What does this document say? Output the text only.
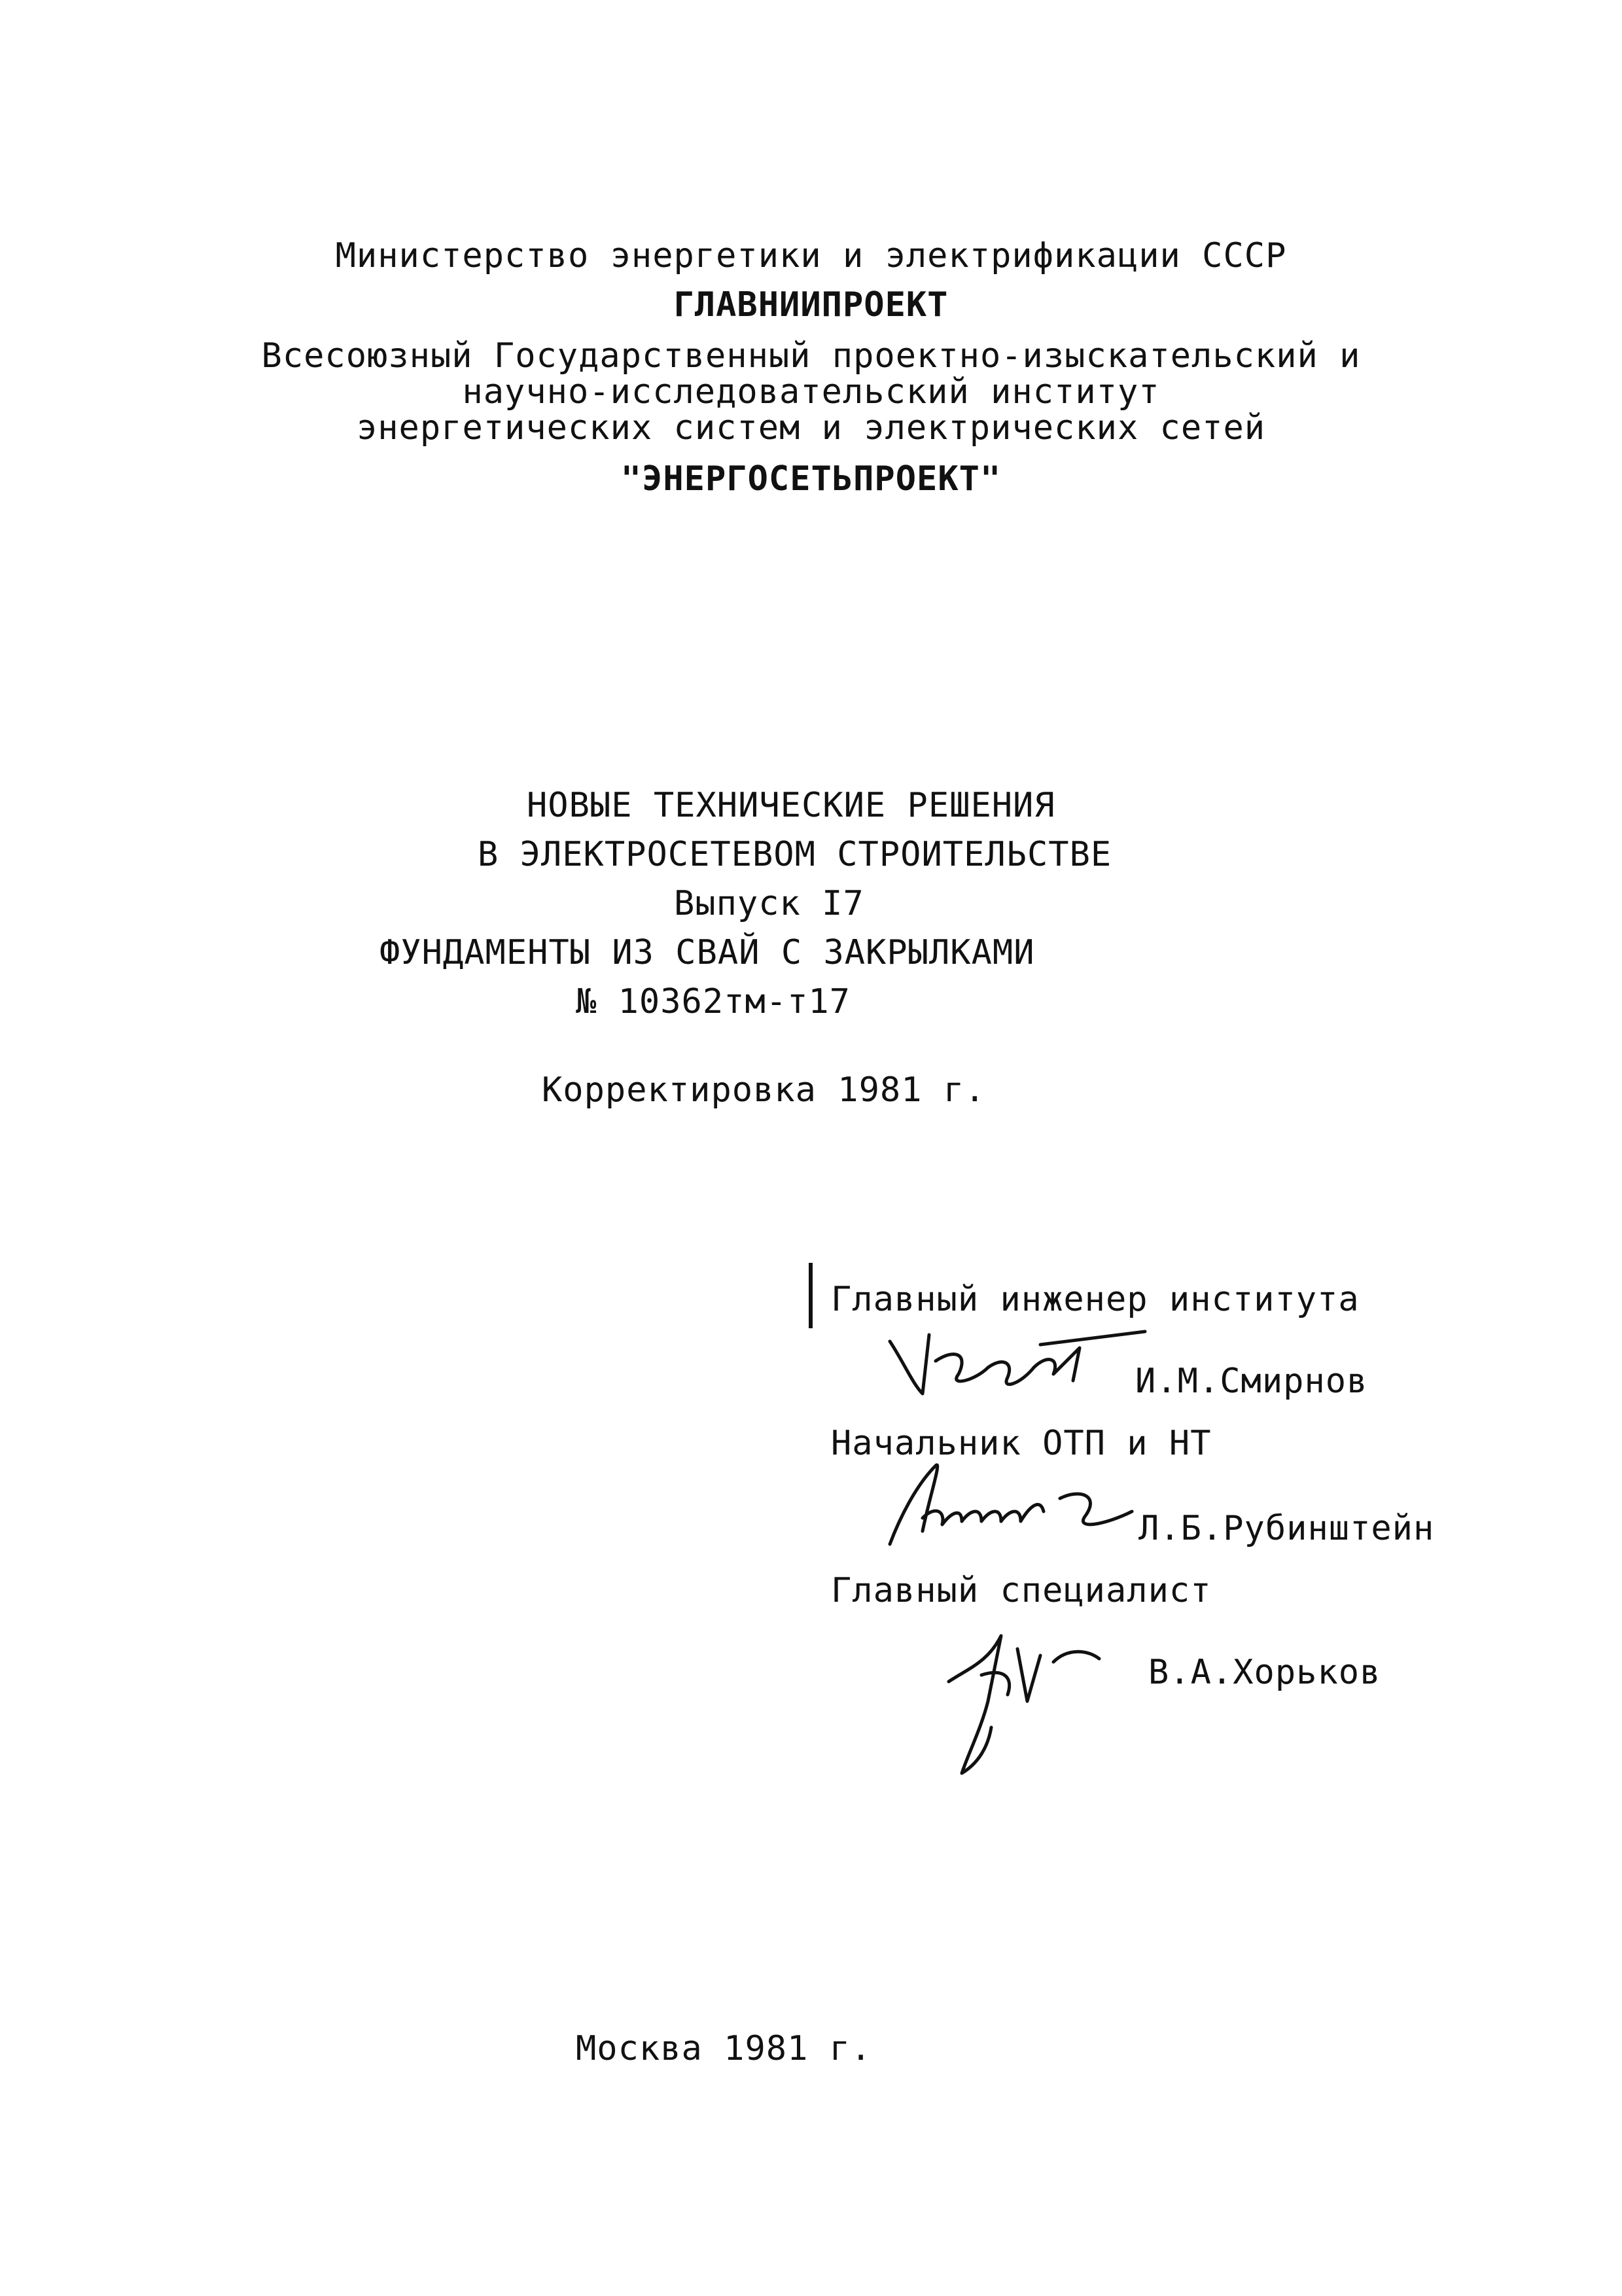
Министерство энергетики и электрификации СССР
ГЛАВНИИПРОЕКТ
Всесоюзный Государственный проектно-изыскательский и
научно-исследовательский институт
энергетических систем и электрических сетей
"ЭНЕРГОСЕТЬПРОЕКТ"
НОВЫЕ ТЕХНИЧЕСКИЕ РЕШЕНИЯ
В ЭЛЕКТРОСЕТЕВОМ СТРОИТЕЛЬСТВЕ
Выпуск I7
ФУНДАМЕНТЫ ИЗ СВАЙ С ЗАКРЫЛКАМИ
№ 10362тм-т17
Корректировка 1981 г.
Главный инженер института
И.М.Смирнов
Начальник ОТП и НТ
Л.Б.Рубинштейн
Главный специалист
В.А.Хорьков
Москва 1981 г.
